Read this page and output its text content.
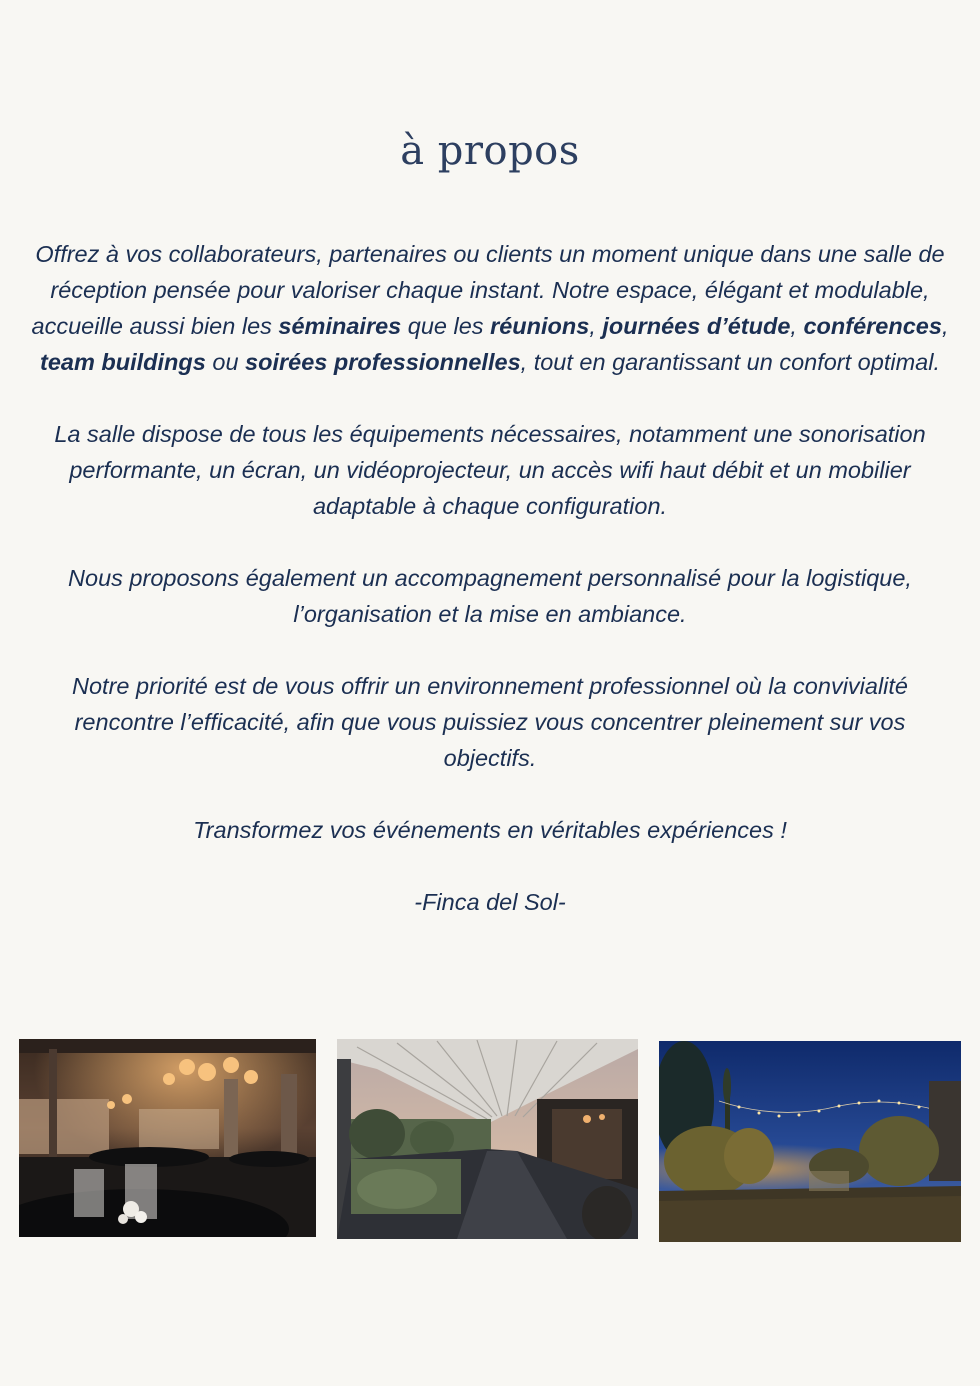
à propos

Offrez à vos collaborateurs, partenaires ou clients un moment unique dans une salle de réception pensée pour valoriser chaque instant. Notre espace, élégant et modulable, accueille aussi bien les séminaires que les réunions, journées d’étude, conférences, team buildings ou soirées professionnelles, tout en garantissant un confort optimal.

La salle dispose de tous les équipements nécessaires, notamment une sonorisation performante, un écran, un vidéoprojecteur, un accès wifi haut débit et un mobilier adaptable à chaque configuration.

Nous proposons également un accompagnement personnalisé pour la logistique, l’organisation et la mise en ambiance.

Notre priorité est de vous offrir un environnement professionnel où la convivialité rencontre l’efficacité, afin que vous puissiez vous concentrer pleinement sur vos objectifs.

Transformez vos événements en véritables expériences !

-Finca del Sol-
